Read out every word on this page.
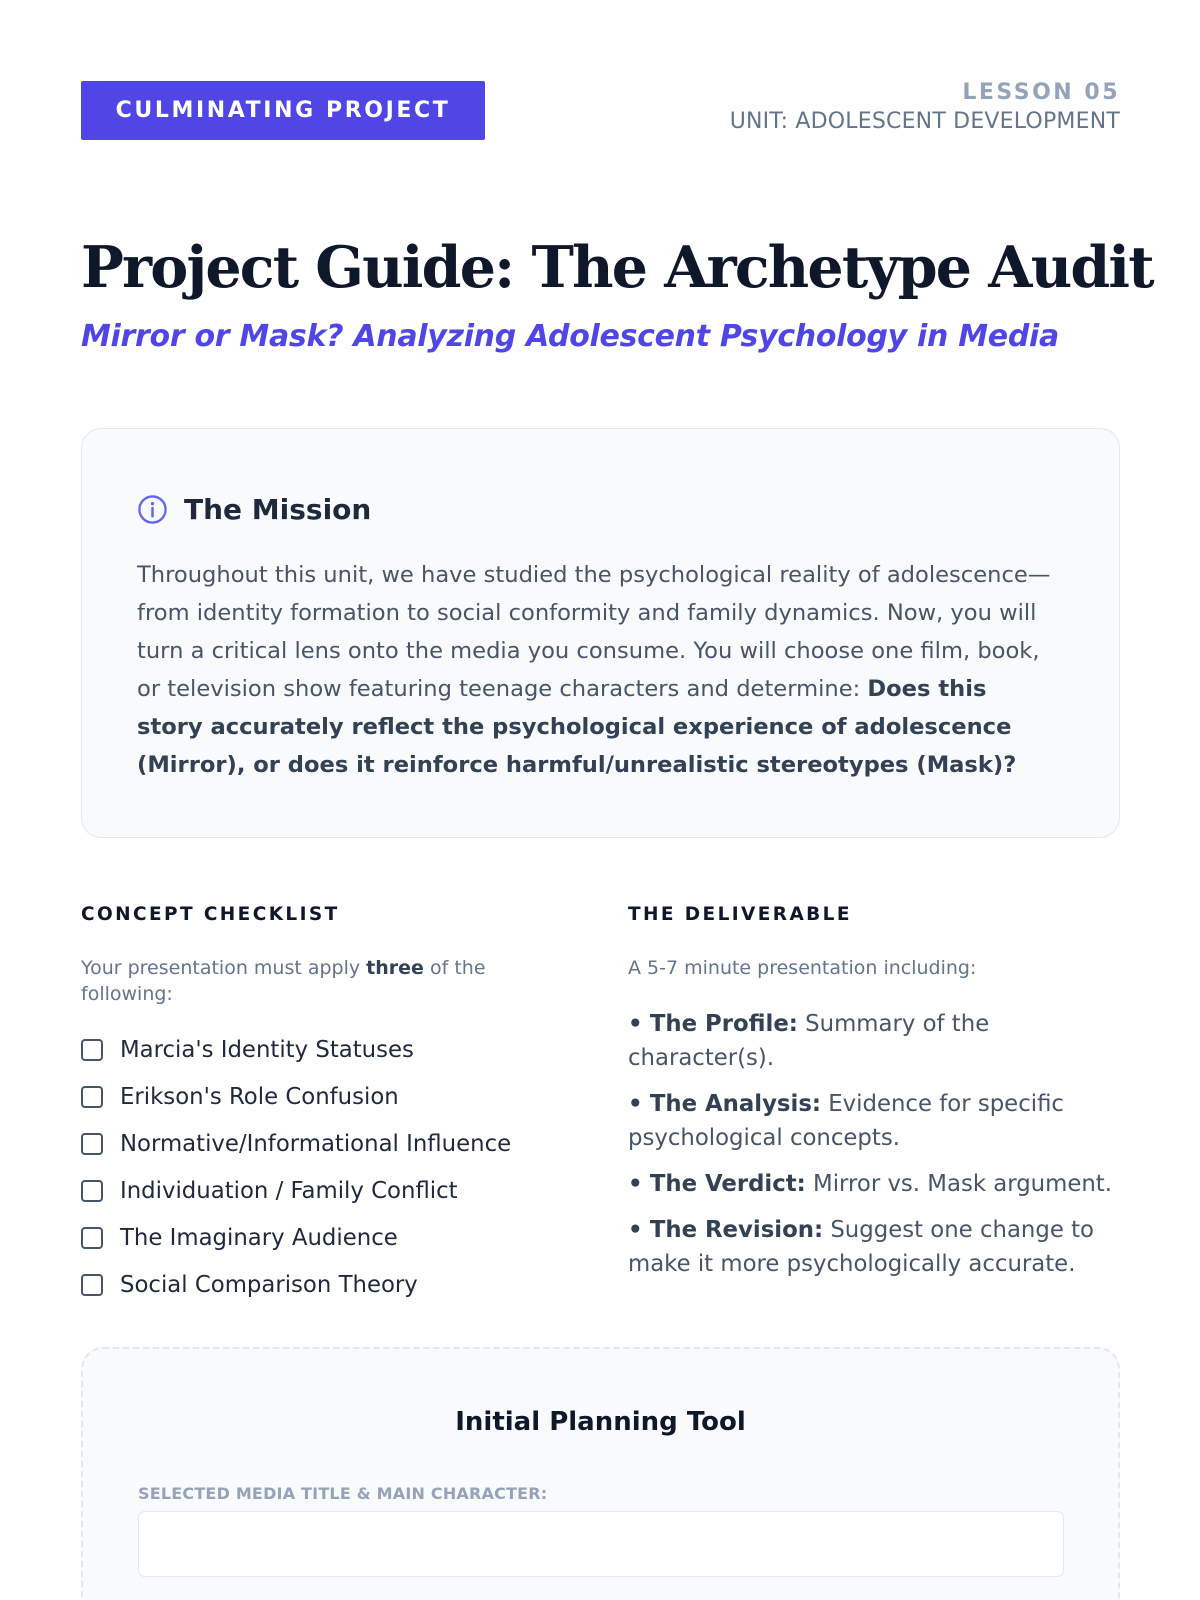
CULMINATING PROJECT
LESSON 05
UNIT: ADOLESCENT DEVELOPMENT
Project Guide: The Archetype Audit
Mirror or Mask? Analyzing Adolescent Psychology in Media
The Mission

Throughout this unit, we have studied the psychological reality of adolescence—from identity formation to social conformity and family dynamics. Now, you will turn a critical lens onto the media you consume. You will choose one film, book, or television show featuring teenage characters and determine: Does this story accurately reflect the psychological experience of adolescence (Mirror), or does it reinforce harmful/unrealistic stereotypes (Mask)?

CONCEPT CHECKLIST

Your presentation must apply three of the following:

Marcia's Identity Statuses
Erikson's Role Confusion
Normative/Informational Influence
Individuation / Family Conflict
The Imaginary Audience
Social Comparison Theory
THE DELIVERABLE

A 5-7 minute presentation including:

• The Profile: Summary of the character(s).
• The Analysis: Evidence for specific psychological concepts.
• The Verdict: Mirror vs. Mask argument.
• The Revision: Suggest one change to make it more psychologically accurate.
Initial Planning Tool
SELECTED MEDIA TITLE & MAIN CHARACTER:
